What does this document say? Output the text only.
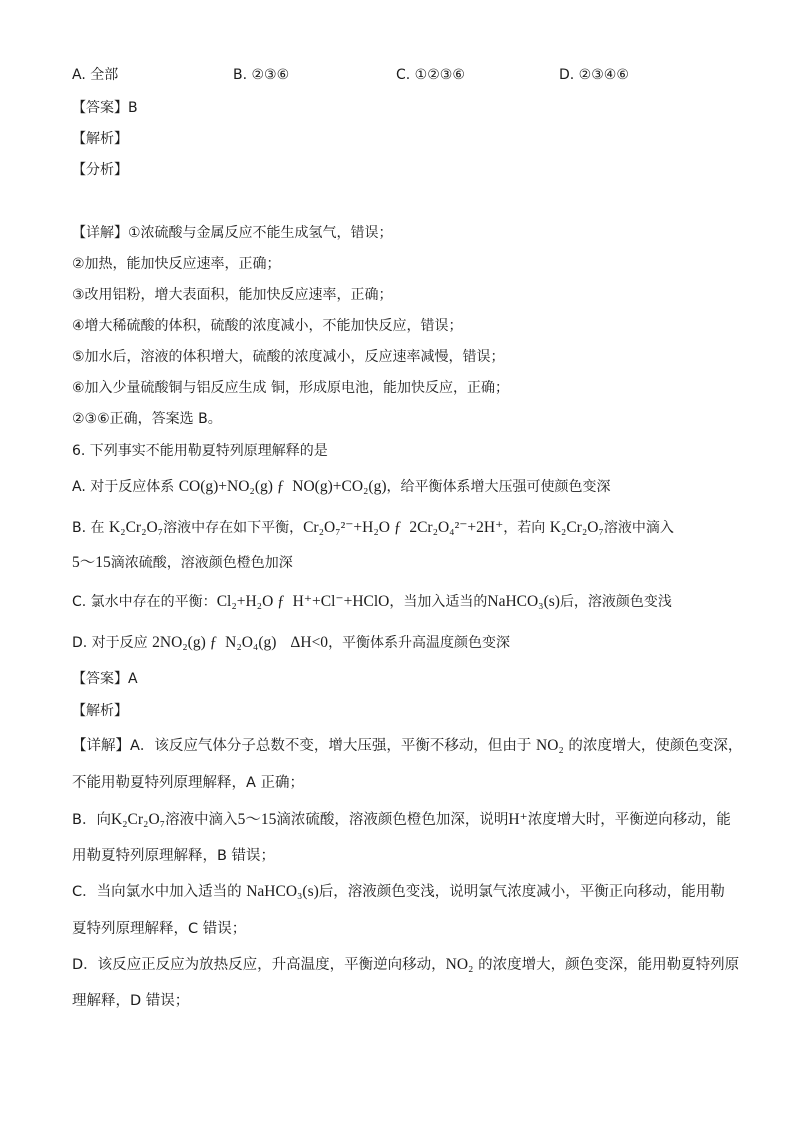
A. 全部	B. ②③⑥	C. ①②③⑥	D. ②③④⑥
【答案】B
【解析】
【分析】
【详解】①浓硫酸与金属反应不能生成氢气，错误；
②加热，能加快反应速率，正确；
③改用铝粉，增大表面积，能加快反应速率，正确；
④增大稀硫酸的体积，硫酸的浓度减小，不能加快反应，错误；
⑤加水后，溶液的体积增大，硫酸的浓度减小，反应速率减慢，错误；
⑥加入少量硫酸铜与铝反应生成 铜，形成原电池，能加快反应，正确；
②③⑥正确，答案选 B。
6. 下列事实不能用勒夏特列原理解释的是
A. 对于反应体系 CO(g)+NO₂(g) ƒ  NO(g)+CO₂(g) ，给平衡体系增大压强可使颜色变深
B. 在 K₂Cr₂O₇ 溶液中存在如下平衡， Cr₂O₇²⁻+H₂O ƒ  2Cr₂O₄²⁻+2H⁺ ，若向 K₂Cr₂O₇ 溶液中滴入
5～15 滴浓硫酸，溶液颜色橙色加深
C. 氯水中存在的平衡： Cl₂+H₂O ƒ  H⁺+Cl⁻+HClO ，当加入适当的 NaHCO₃(s) 后，溶液颜色变浅
D. 对于反应 2NO₂(g) ƒ  N₂O₄(g) ΔH<0 ，平衡体系升高温度颜色变深
【答案】A
【解析】
【详解】A．该反应气体分子总数不变，增大压强，平衡不移动，但由于 NO₂ 的浓度增大，使颜色变深，
不能用勒夏特列原理解释，A 正确；
B．向 K₂Cr₂O₇ 溶液中滴入 5～15 滴浓硫酸，溶液颜色橙色加深，说明 H⁺ 浓度增大时，平衡逆向移动，能
用勒夏特列原理解释，B 错误；
C．当向氯水中加入适当的 NaHCO₃(s) 后，溶液颜色变浅，说明氯气浓度减小，平衡正向移动，能用勒
夏特列原理解释，C 错误；
D．该反应正反应为放热反应，升高温度，平衡逆向移动， NO₂ 的浓度增大，颜色变深，能用勒夏特列原
理解释，D 错误；
